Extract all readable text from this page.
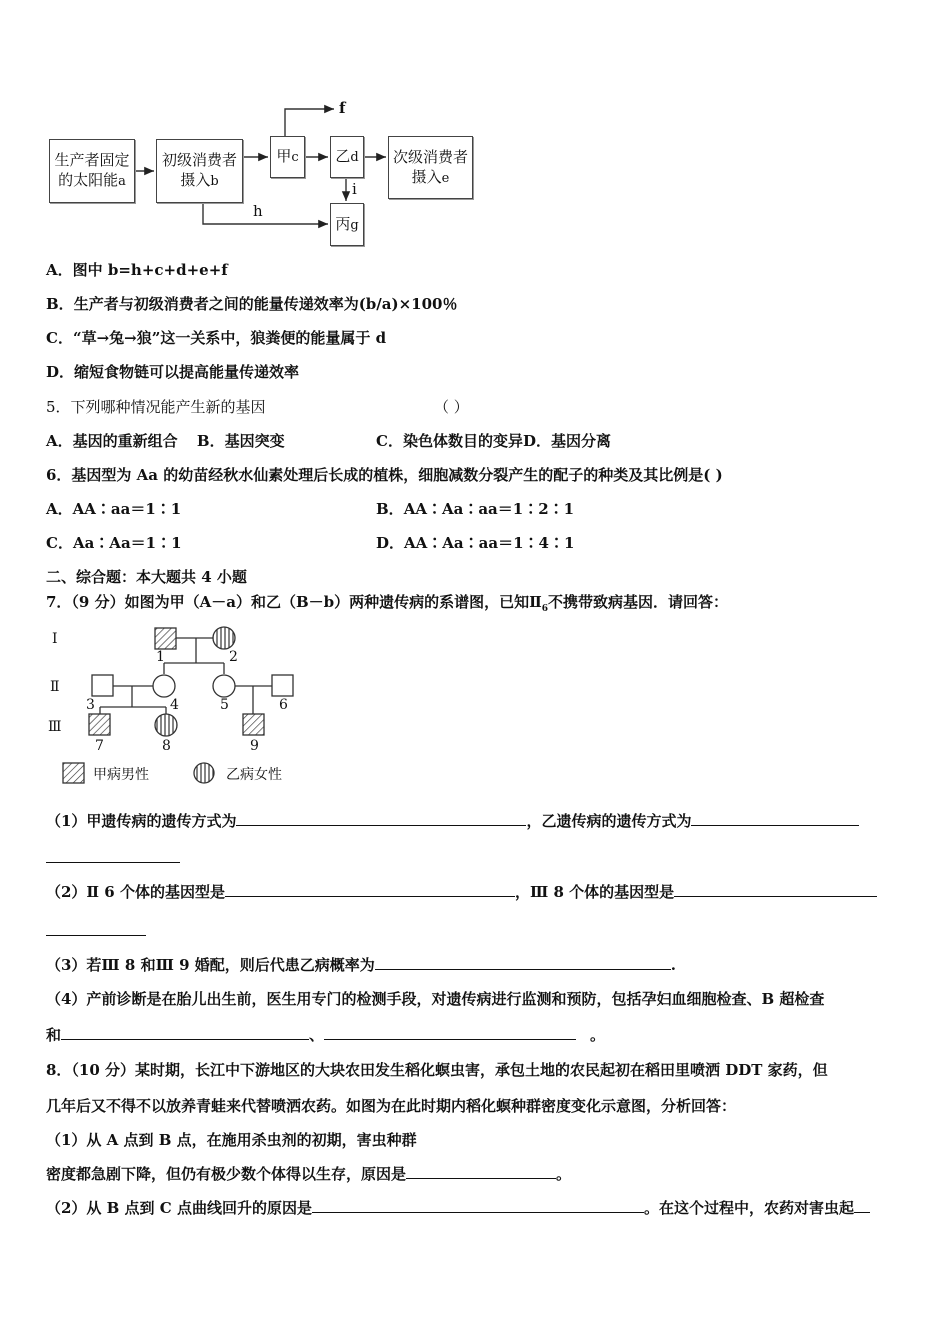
生产者固定
的太阳能a
初级消费者
摄入b
甲c 乙d 次级消费者
摄入e
丙g
f
h
i
A．图中 b=h+c+d+e+f
B．生产者与初级消费者之间的能量传递效率为(b/a)×100％
C．“草→兔→狼”这一关系中，狼粪便的能量属于 d
D．缩短食物链可以提高能量传递效率
5．下列哪种情况能产生新的基因	（ ）
A．基因的重新组合 B．基因突变	C．染色体数目的变异D．基因分离
6．基因型为 Aa 的幼苗经秋水仙素处理后长成的植株，细胞减数分裂产生的配子的种类及其比例是( )
A．AA∶aa＝1∶1	B．AA∶Aa∶aa＝1∶2∶1
C．Aa∶Aa＝1∶1	D．AA∶Aa∶aa＝1∶4∶1
二、综合题：本大题共 4 小题
7．（9 分）如图为甲（A－a）和乙（B－b）两种遗传病的系谱图，已知$Ⅱ_6$不携带致病基因．请回答：
Ⅰ
Ⅱ
Ⅲ
1	2
3	4	5	6
7	8	9
甲病男性	乙病女性
（1）甲遗传病的遗传方式为	，乙遗传病的遗传方式为
（2）Ⅱ 6 个体的基因型是	，Ⅲ 8 个体的基因型是
（3）若Ⅲ 8 和Ⅲ 9 婚配，则后代患乙病概率为	.
（4）产前诊断是在胎儿出生前，医生用专门的检测手段，对遗传病进行监测和预防，包括孕妇血细胞检查、B 超检查
和	、	。
8．（10 分）某时期，长江中下游地区的大块农田发生稻化螟虫害，承包土地的农民起初在稻田里喷洒 DDT 家药，但
几年后又不得不以放养青蛙来代替喷洒农药。如图为在此时期内稻化螟种群密度变化示意图，分析回答：
（1）从 A 点到 B 点，在施用杀虫剂的初期，害虫种群
密度都急剧下降，但仍有极少数个体得以生存，原因是	。
（2）从 B 点到 C 点曲线回升的原因是	。在这个过程中，农药对害虫起
